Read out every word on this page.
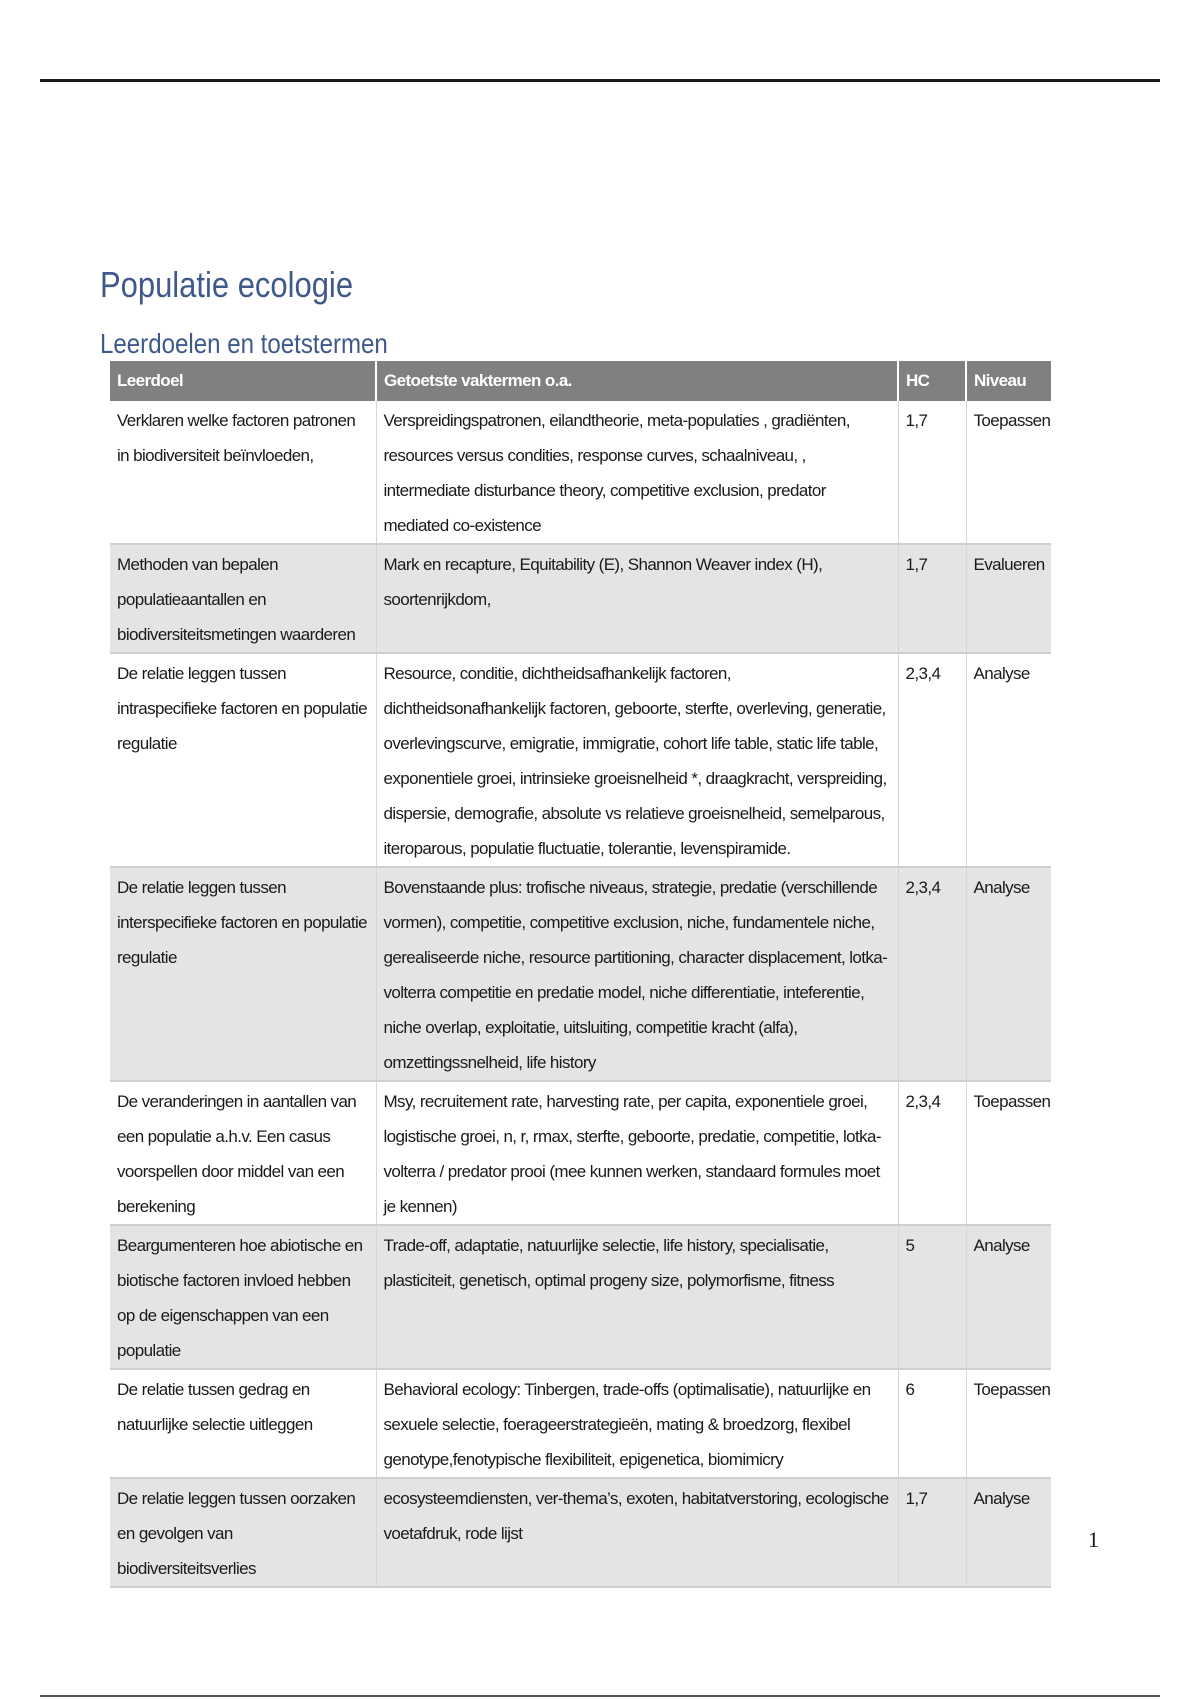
Populatie ecologie
Leerdoelen en toetstermen
Leerdoel	Getoetste vaktermen o.a.	HC	Niveau
Verklaren welke factoren patronen in biodiversiteit beïnvloeden,	Verspreidingspatronen, eilandtheorie, meta-populaties , gradiënten, resources versus condities, response curves, schaalniveau, , intermediate disturbance theory, competitive exclusion, predator mediated co-existence	1,7	Toepassen
Methoden van bepalen populatieaantallen en biodiversiteitsmetingen waarderen	Mark en recapture, Equitability (E), Shannon Weaver index (H), soortenrijkdom,	1,7	Evalueren
De relatie leggen tussen intraspecifieke factoren en populatie regulatie	Resource, conditie, dichtheidsafhankelijk factoren, dichtheidsonafhankelijk factoren, geboorte, sterfte, overleving, generatie, overlevingscurve, emigratie, immigratie, cohort life table, static life table, exponentiele groei, intrinsieke groeisnelheid *, draagkracht, verspreiding, dispersie, demografie, absolute vs relatieve groeisnelheid, semelparous, iteroparous, populatie fluctuatie, tolerantie, levenspiramide.	2,3,4	Analyse
De relatie leggen tussen interspecifieke factoren en populatie regulatie	Bovenstaande plus: trofische niveaus, strategie, predatie (verschillende vormen), competitie, competitive exclusion, niche, fundamentele niche, gerealiseerde niche, resource partitioning, character displacement, lotka-volterra competitie en predatie model, niche differentiatie, inteferentie, niche overlap, exploitatie, uitsluiting, competitie kracht (alfa), omzettingssnelheid, life history	2,3,4	Analyse
De veranderingen in aantallen van een populatie a.h.v. Een casus voorspellen door middel van een berekening	Msy, recruitement rate, harvesting rate, per capita, exponentiele groei, logistische groei, n, r, rmax, sterfte, geboorte, predatie, competitie, lotka-volterra / predator prooi (mee kunnen werken, standaard formules moet je kennen)	2,3,4	Toepassen
Beargumenteren hoe abiotische en biotische factoren invloed hebben op de eigenschappen van een populatie	Trade-off, adaptatie, natuurlijke selectie, life history, specialisatie, plasticiteit, genetisch, optimal progeny size, polymorfisme, fitness	5	Analyse
De relatie tussen gedrag en natuurlijke selectie uitleggen	Behavioral ecology: Tinbergen, trade-offs (optimalisatie), natuurlijke en sexuele selectie, foerageerstrategieën, mating & broedzorg, flexibel genotype,fenotypische flexibiliteit, epigenetica, biomimicry	6	Toepassen
De relatie leggen tussen oorzaken en gevolgen van biodiversiteitsverlies	ecosysteemdiensten, ver-thema’s, exoten, habitatverstoring, ecologische voetafdruk, rode lijst	1,7	Analyse
1
